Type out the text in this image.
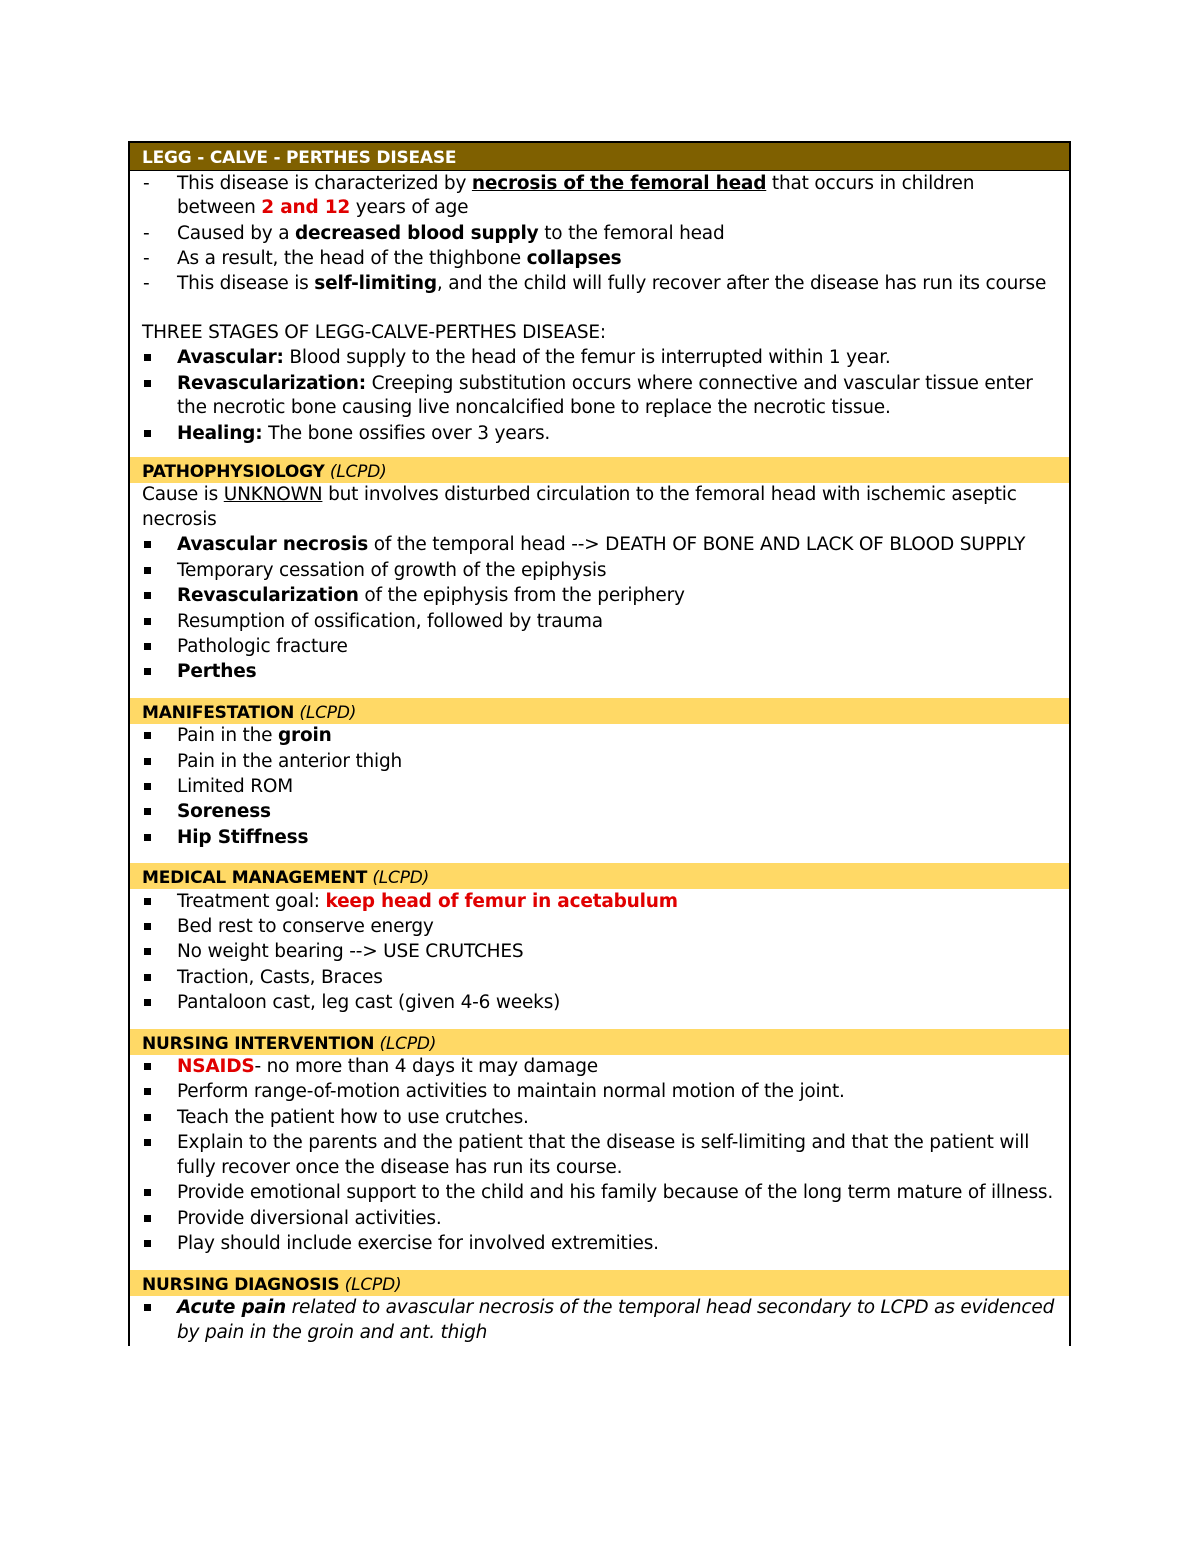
LEGG - CALVE - PERTHES DISEASE
This disease is characterized by necrosis of the femoral head that occurs in children between 2 and 12 years of age
Caused by a decreased blood supply to the femoral head
As a result, the head of the thighbone collapses
This disease is self-limiting, and the child will fully recover after the disease has run its course
THREE STAGES OF LEGG-CALVE-PERTHES DISEASE:
Avascular: Blood supply to the head of the femur is interrupted within 1 year.
Revascularization: Creeping substitution occurs where connective and vascular tissue enter the necrotic bone causing live noncalcified bone to replace the necrotic tissue.
Healing: The bone ossifies over 3 years.
PATHOPHYSIOLOGY (LCPD)
Cause is UNKNOWN but involves disturbed circulation to the femoral head with ischemic aseptic necrosis
Avascular necrosis of the temporal head --> DEATH OF BONE AND LACK OF BLOOD SUPPLY
Temporary cessation of growth of the epiphysis
Revascularization of the epiphysis from the periphery
Resumption of ossification, followed by trauma
Pathologic fracture
Perthes
MANIFESTATION (LCPD)
Pain in the groin
Pain in the anterior thigh
Limited ROM
Soreness
Hip Stiffness
MEDICAL MANAGEMENT (LCPD)
Treatment goal: keep head of femur in acetabulum
Bed rest to conserve energy
No weight bearing --> USE CRUTCHES
Traction, Casts, Braces
Pantaloon cast, leg cast (given 4-6 weeks)
NURSING INTERVENTION (LCPD)
NSAIDS- no more than 4 days it may damage
Perform range-of-motion activities to maintain normal motion of the joint.
Teach the patient how to use crutches.
Explain to the parents and the patient that the disease is self-limiting and that the patient will fully recover once the disease has run its course.
Provide emotional support to the child and his family because of the long term mature of illness.
Provide diversional activities.
Play should include exercise for involved extremities.
NURSING DIAGNOSIS (LCPD)
Acute pain related to avascular necrosis of the temporal head secondary to LCPD as evidenced by pain in the groin and ant. thigh
